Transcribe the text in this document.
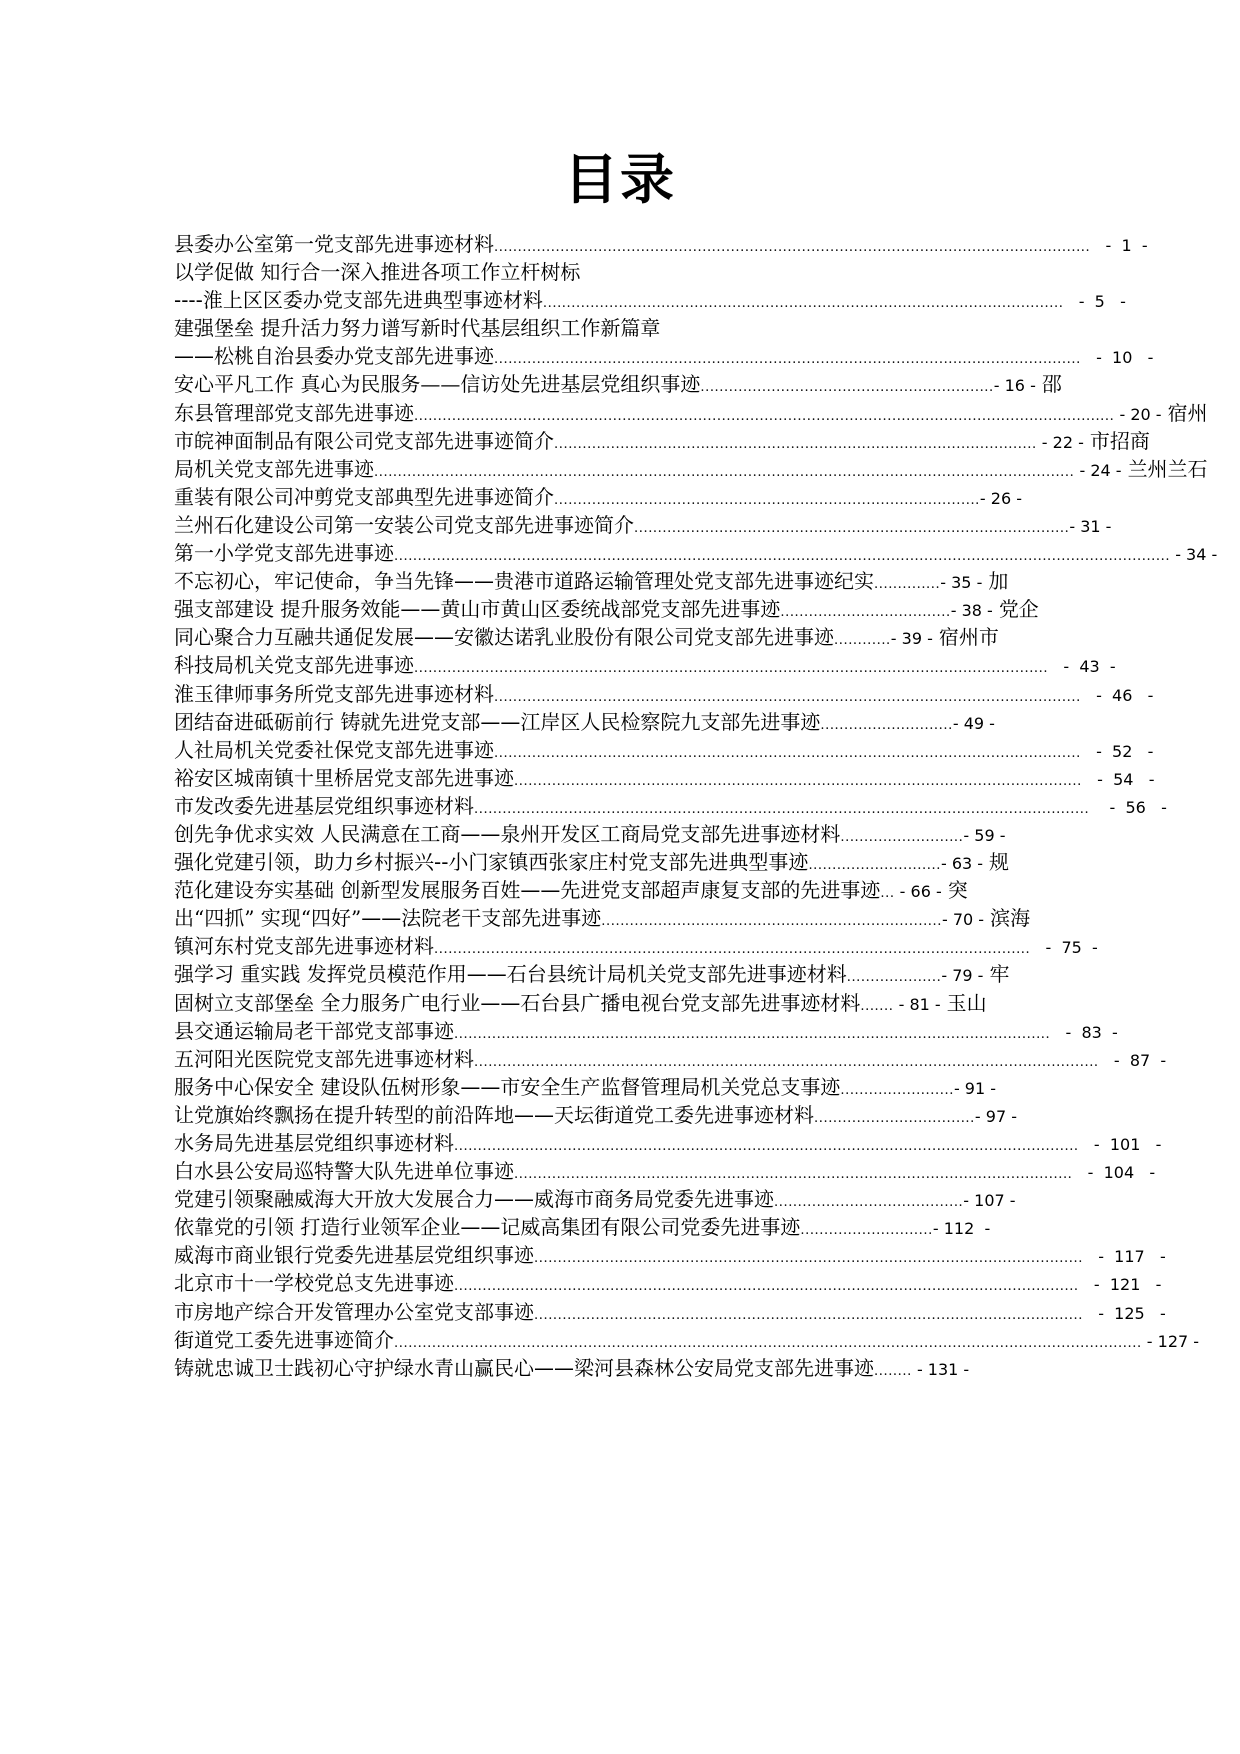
目录
县委办公室第一党支部先进事迹材料 .............................................................................................................................. -  1  -
以学促做 知行合一深入推进各项工作立杆树标
----淮上区区委办党支部先进典型事迹材料 .............................................................................................................. -  5   -
建强堡垒 提升活力努力谱写新时代基层组织工作新篇章
——松桃自治县委办党支部先进事迹 ............................................................................................................................ -  10   -
安心平凡工作 真心为民服务—— 信访处先进基层党组织事迹 .............................................................. - 16 - 邵
东县管理部党支部先进事迹 .................................................................................................................................................... - 20 - 宿州
市皖神面制品有限公司党支部先进事迹简介 ...................................................................................................... - 22 - 市招商
局机关党支部先进事迹 .................................................................................................................................................... - 24 - 兰州兰石
重装有限公司冲剪党支部典型先进事迹简介 .......................................................................................... - 26 -
兰州石化建设公司第一安装公司党支部先进事迹简介 ............................................................................................ - 31 -
第一小学党支部先进事迹 .................................................................................................................................................................... - 34 -
不忘初心，牢记使命，争当先锋 ——贵港市道路运输管理处党支部先进事迹纪实 .............. - 35 - 加
强支部建设 提升服务效能 ——黄山市黄山区委统战部党支部先进事迹 .................................... - 38 - 党企
同心聚合力互融共通促发展 ——安徽达诺乳业股份有限公司党支部先进事迹 ............ - 39 - 宿州市
科技局机关党支部先进事迹 ...................................................................................................................................... -  43  -
淮玉律师事务所党支部先进事迹材料 ............................................................................................................................ -  46   -
团结奋进砥砺前行 铸就先进党支部 ——江岸区人民检察院九支部先进事迹 ............................ - 49 -
人社局机关党委社保党支部先进事迹 ............................................................................................................................ -  52   -
裕安区城南镇十里桥居党支部先进事迹 ........................................................................................................................ -  54   -
市发改委先进基层党组织事迹材料 .................................................................................................................................. -  56   -
创先争优求实效 人民满意在工商 ——泉州开发区工商局党支部先进事迹材料 .......................... - 59 -
强化党建引领，助力乡村振兴 --小门家镇西张家庄村党支部先进典型事迹 ............................ - 63 - 规
范化建设夯实基础 创新型发展服务百姓 ——先进党支部超声康复支部的先进事迹 ... - 66 - 突
出“四抓” 实现“四好” ——法院老干支部先进事迹 ........................................................................ - 70 - 滨海
镇河东村党支部先进事迹材料 .............................................................................................................................. -  75  -
强学习 重实践 发挥党员模范作用 ——石台县统计局机关党支部先进事迹材料 .................... - 79 - 牢
固树立支部堡垒 全力服务广电行业 ——石台县广播电视台党支部先进事迹材料 ....... - 81 - 玉山
县交通运输局老干部党支部事迹 .............................................................................................................................. -  83  -
五河阳光医院党支部先进事迹材料 .................................................................................................................................... -  87  -
服务中心保安全 建设队伍树形象 ——市安全生产监督管理局机关党总支事迹 ........................ - 91 -
让党旗始终飘扬在提升转型的前沿阵地 ——天坛街道党工委先进事迹材料 .................................. - 97 -
水务局先进基层党组织事迹材料 .................................................................................................................................... -  101   -
白水县公安局巡特警大队先进单位事迹 ...................................................................................................................... -  104   -
党建引领聚融威海大开放大发展合力 ——威海市商务局党委先进事迹 ........................................ - 107 -
依靠党的引领 打造行业领军企业 ——记威高集团有限公司党委先进事迹 ............................ - 112  -
威海市商业银行党委先进基层党组织事迹 .................................................................................................................... -  117   -
北京市十一学校党总支先进事迹 .................................................................................................................................... -  121   -
市房地产综合开发管理办公室党支部事迹 .................................................................................................................... -  125   -
街道党工委先进事迹简介 .............................................................................................................................................................. - 127 -
铸就忠诚卫士践初心守护绿水青山赢民心 ——梁河县森林公安局党支部先进事迹 ........ - 131 -
